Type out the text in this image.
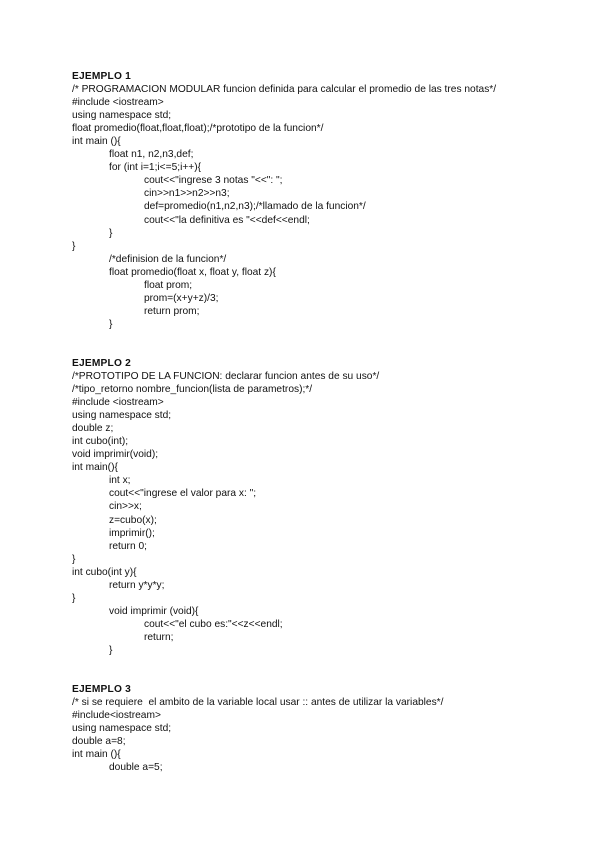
EJEMPLO 1
/* PROGRAMACION MODULAR funcion definida para calcular el promedio de las tres notas*/
#include <iostream>
using namespace std;
float promedio(float,float,float);/*prototipo de la funcion*/
int main (){
float n1, n2,n3,def;
for (int i=1;i<=5;i++){
cout<<"ingrese 3 notas "<<": ";
cin>>n1>>n2>>n3;
def=promedio(n1,n2,n3);/*llamado de la funcion*/
cout<<"la definitiva es "<<def<<endl;
}
}
/*definision de la funcion*/
float promedio(float x, float y, float z){
float prom;
prom=(x+y+z)/3;
return prom;
}
EJEMPLO 2
/*PROTOTIPO DE LA FUNCION: declarar funcion antes de su uso*/
/*tipo_retorno nombre_funcion(lista de parametros);*/
#include <iostream>
using namespace std;
double z;
int cubo(int);
void imprimir(void);
int main(){
int x;
cout<<"ingrese el valor para x: ";
cin>>x;
z=cubo(x);
imprimir();
return 0;
}
int cubo(int y){
return y*y*y;
}
void imprimir (void){
cout<<"el cubo es:"<<z<<endl;
return;
}
EJEMPLO 3
/* si se requiere  el ambito de la variable local usar :: antes de utilizar la variables*/
#include<iostream>
using namespace std;
double a=8;
int main (){
double a=5;
